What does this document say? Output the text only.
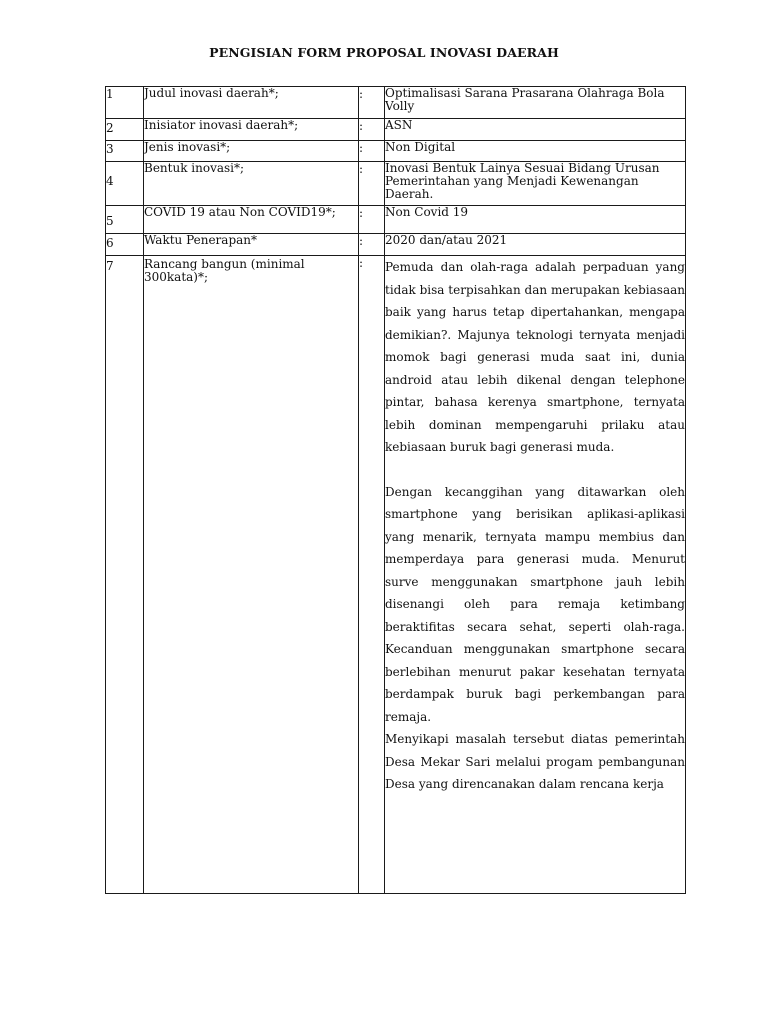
PENGISIAN FORM PROPOSAL INOVASI DAERAH
1	Judul inovasi daerah*;	:	Optimalisasi Sarana Prasarana Olahraga Bola Volly
2	Inisiator inovasi daerah*;	:	ASN
3	Jenis inovasi*;	:	Non Digital
4	Bentuk inovasi*;	:	Inovasi Bentuk Lainya Sesuai Bidang Urusan Pemerintahan yang Menjadi Kewenangan Daerah.
5	COVID 19 atau Non COVID19*;	:	Non Covid 19
6	Waktu Penerapan*	:	2020 dan/atau 2021
7	Rancang bangun (minimal 300kata)*;	:	Pemuda dan olah-raga adalah perpaduan yang tidak bisa terpisahkan dan merupakan kebiasaan baik yang harus tetap dipertahankan, mengapa demikian?. Majunya teknologi ternyata menjadi momok bagi generasi muda saat ini, dunia android atau lebih dikenal dengan telephone pintar, bahasa kerenya smartphone, ternyata lebih dominan mempengaruhi prilaku atau kebiasaan buruk bagi generasi muda.

Dengan kecanggihan yang ditawarkan oleh smartphone yang berisikan aplikasi-aplikasi yang menarik, ternyata mampu membius dan memperdaya para generasi muda. Menurut surve menggunakan smartphone jauh lebih disenangi oleh para remaja ketimbang beraktifitas secara sehat, seperti olah-raga. Kecanduan menggunakan smartphone secara berlebihan menurut pakar kesehatan ternyata berdampak buruk bagi perkembangan para remaja.

Menyikapi masalah tersebut diatas pemerintah Desa Mekar Sari melalui progam pembangunan Desa yang direncanakan dalam rencana kerja
